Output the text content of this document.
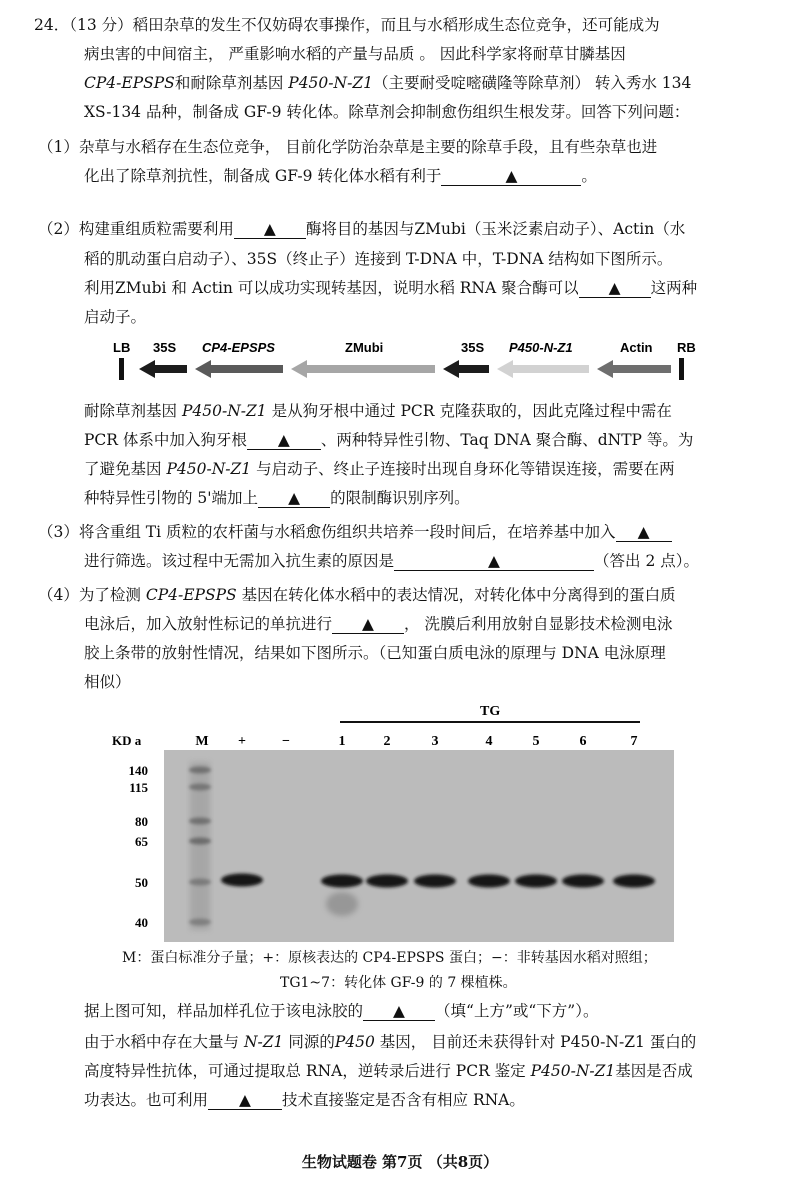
24．（13 分）稻田杂草的发生不仅妨碍农事操作，而且与水稻形成生态位竞争，还可能成为
病虫害的中间宿主， 严重影响水稻的产量与品质 。 因此科学家将耐草甘膦基因
CP4-EPSPS和耐除草剂基因 P450-N-Z1（主要耐受啶嘧磺隆等除草剂） 转入秀水 134
XS-134 品种，制备成 GF-9 转化体。除草剂会抑制愈伤组织生根发芽。回答下列问题：
（1）杂草与水稻存在生态位竞争， 目前化学防治杂草是主要的除草手段，且有些杂草也进
化出了除草剂抗性，制备成 GF-9 转化体水稻有利于	▲	。
（2）构建重组质粒需要利用 ▲ 酶将目的基因与ZMubi（玉米泛素启动子）、Actin（水
稻的肌动蛋白启动子）、35S（终止子）连接到 T-DNA 中，T-DNA 结构如下图所示。
利用ZMubi 和 Actin 可以成功实现转基因，说明水稻 RNA 聚合酶可以 ▲ 这两种
启动子。
LB 35S CP4-EPSPS	ZMubi	35S P450-N-Z1	Actin RB
耐除草剂基因 P450-N-Z1 是从狗牙根中通过 PCR 克隆获取的，因此克隆过程中需在
PCR 体系中加入狗牙根 ▲ 、两种特异性引物、Taq DNA 聚合酶、dNTP 等。为
了避免基因 P450-N-Z1 与启动子、终止子连接时出现自身环化等错误连接，需要在两
种特异性引物的 5'端加上 ▲ 的限制酶识别序列。
（3）将含重组 Ti 质粒的农杆菌与水稻愈伤组织共培养一段时间后，在培养基中加入 ▲
进行筛选。该过程中无需加入抗生素的原因是	▲	（答出 2 点）。
（4）为了检测 CP4-EPSPS 基因在转化体水稻中的表达情况，对转化体中分离得到的蛋白质
电泳后，加入放射性标记的单抗进行 ▲ ， 洗膜后利用放射自显影技术检测电泳
胶上条带的放射性情况，结果如下图所示。（已知蛋白质电泳的原理与 DNA 电泳原理
相似）
TG
KD a	M +	−	1	2	3	4	5	6	7
140
115
80
65
50
40
M：蛋白标准分子量；+：原核表达的 CP4-EPSPS 蛋白；−：非转基因水稻对照组；
TG1~7：转化体 GF-9 的 7 棵植株。
据上图可知，样品加样孔位于该电泳胶的 ▲ （填“上方”或“下方”）。
由于水稻中存在大量与 N-Z1 同源的P450 基因， 目前还未获得针对 P450-N-Z1 蛋白的
高度特异性抗体，可通过提取总 RNA，逆转录后进行 PCR 鉴定 P450-N-Z1基因是否成
功表达。也可利用 ▲ 技术直接鉴定是否含有相应 RNA。
生物试题卷 第7页 （共8页）
